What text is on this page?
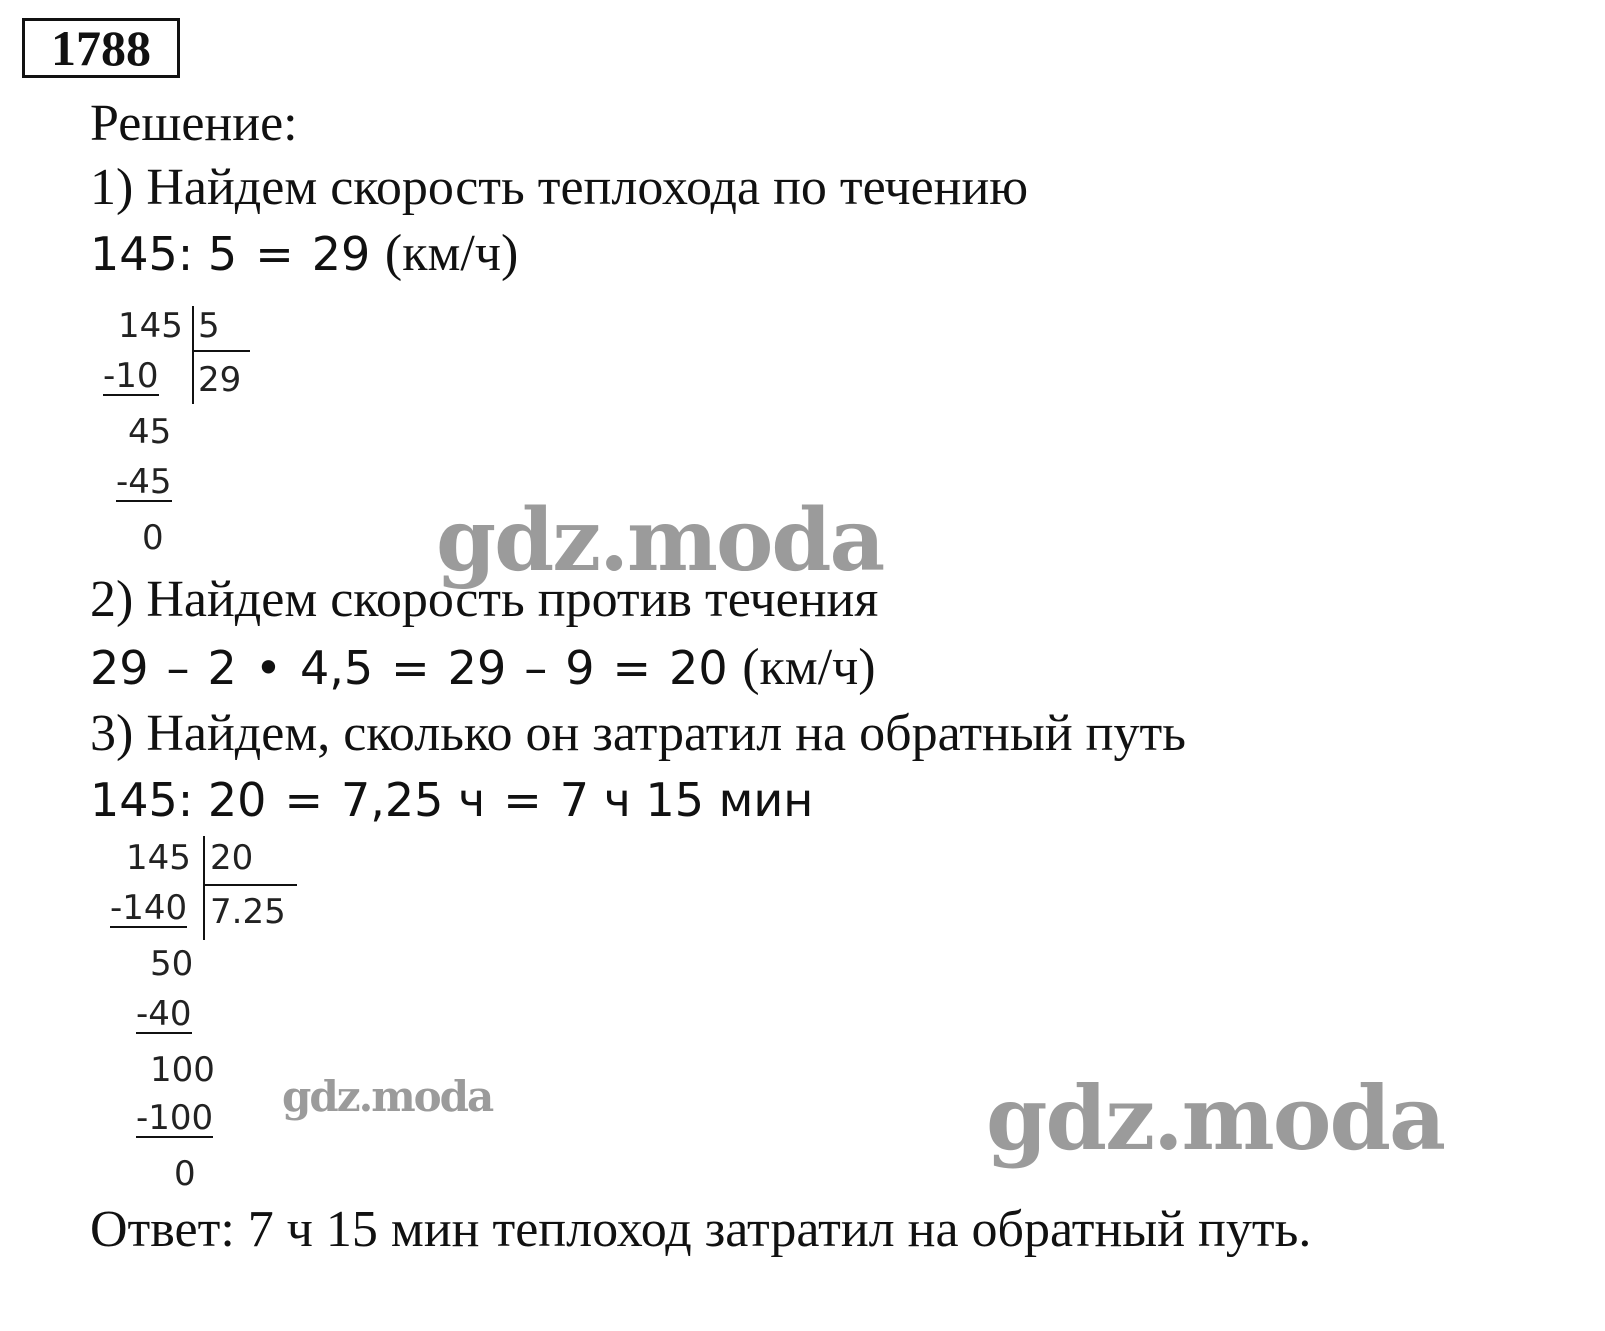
1788
Решение:
1) Найдем скорость теплохода по течению
145: 5 = 29 (км/ч)
145 5
29
-10
45
-45
0
2) Найдем скорость против течения
29 – 2 • 4,5 = 29 – 9 = 20 (км/ч)
3) Найдем, сколько он затратил на обратный путь
145: 20 = 7,25 ч = 7 ч 15 мин
145 20
7.25
-140
50
-40
100
-100
0
Ответ: 7 ч 15 мин теплоход затратил на обратный путь.
gdz.moda
gdz.moda	gdz.moda
